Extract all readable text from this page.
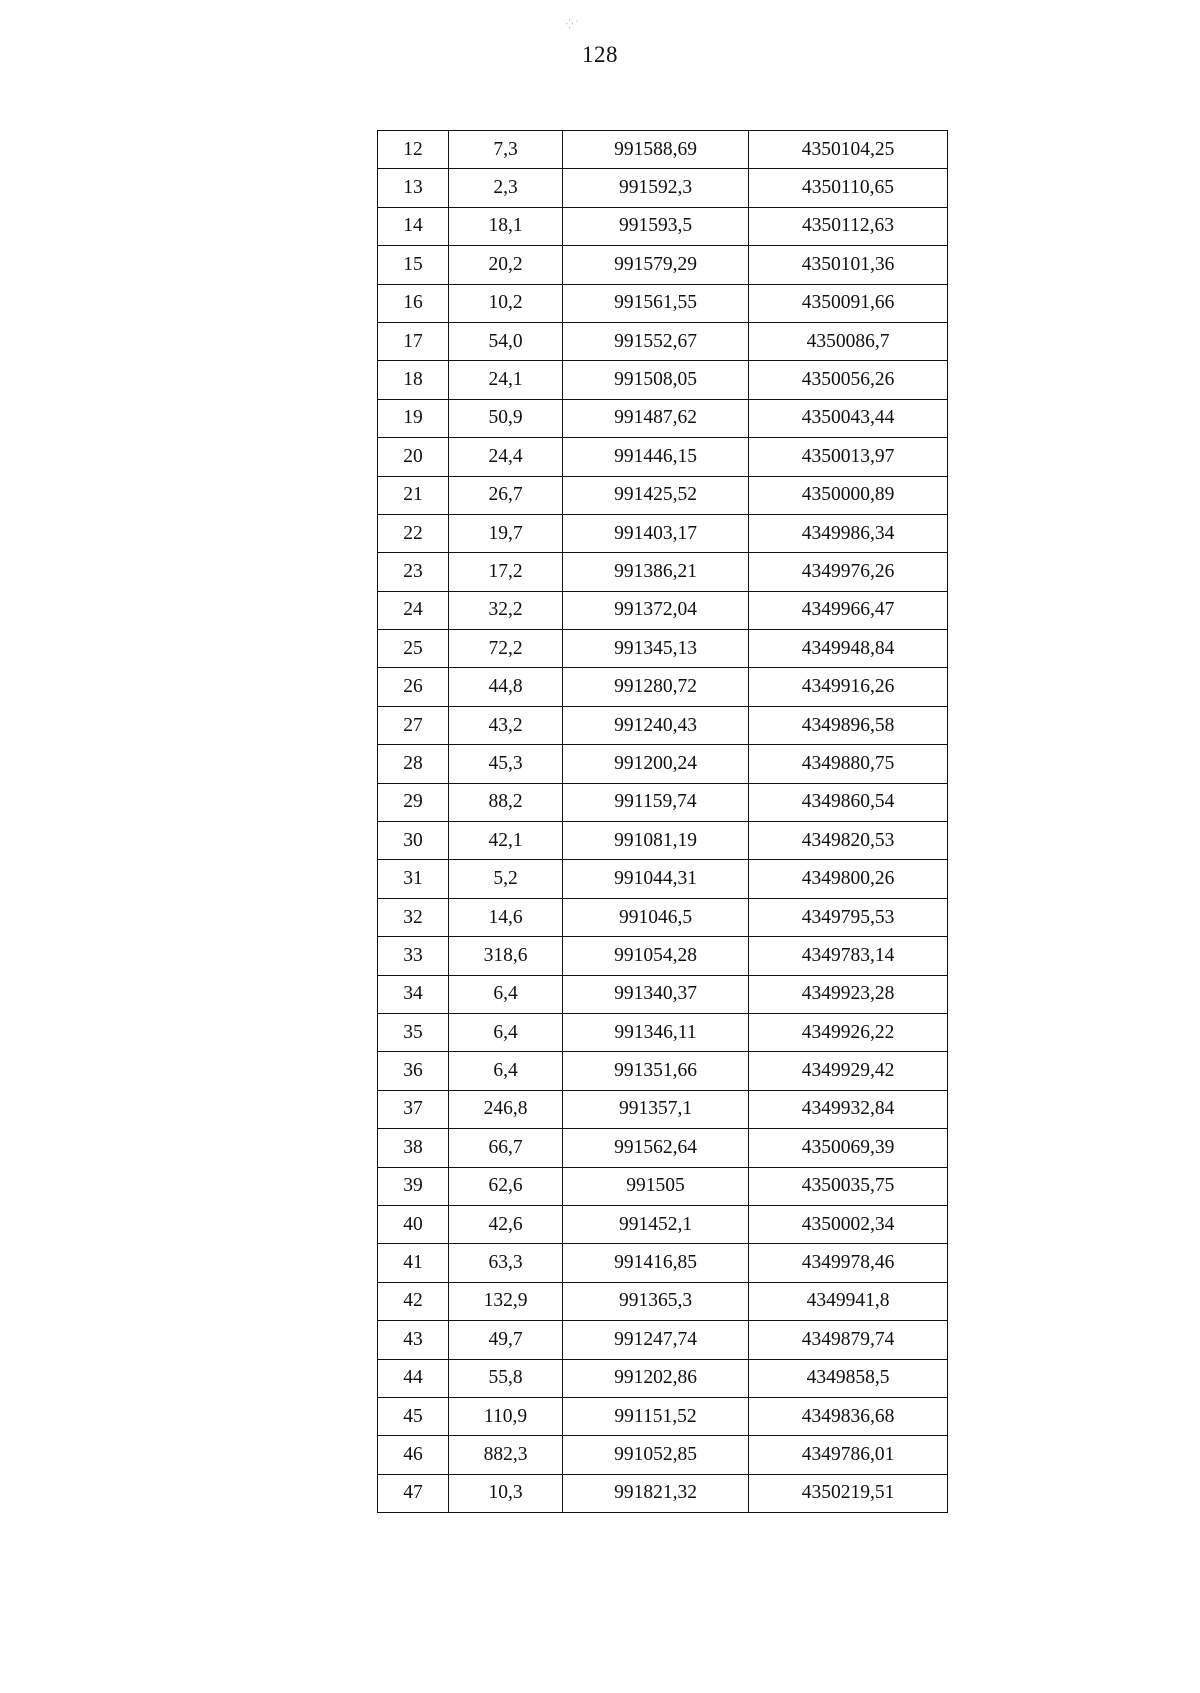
⁛ ˙
128
12	7,3	991588,69	4350104,25
13	2,3	991592,3	4350110,65
14	18,1	991593,5	4350112,63
15	20,2	991579,29	4350101,36
16	10,2	991561,55	4350091,66
17	54,0	991552,67	4350086,7
18	24,1	991508,05	4350056,26
19	50,9	991487,62	4350043,44
20	24,4	991446,15	4350013,97
21	26,7	991425,52	4350000,89
22	19,7	991403,17	4349986,34
23	17,2	991386,21	4349976,26
24	32,2	991372,04	4349966,47
25	72,2	991345,13	4349948,84
26	44,8	991280,72	4349916,26
27	43,2	991240,43	4349896,58
28	45,3	991200,24	4349880,75
29	88,2	991159,74	4349860,54
30	42,1	991081,19	4349820,53
31	5,2	991044,31	4349800,26
32	14,6	991046,5	4349795,53
33	318,6	991054,28	4349783,14
34	6,4	991340,37	4349923,28
35	6,4	991346,11	4349926,22
36	6,4	991351,66	4349929,42
37	246,8	991357,1	4349932,84
38	66,7	991562,64	4350069,39
39	62,6	991505	4350035,75
40	42,6	991452,1	4350002,34
41	63,3	991416,85	4349978,46
42	132,9	991365,3	4349941,8
43	49,7	991247,74	4349879,74
44	55,8	991202,86	4349858,5
45	110,9	991151,52	4349836,68
46	882,3	991052,85	4349786,01
47	10,3	991821,32	4350219,51
